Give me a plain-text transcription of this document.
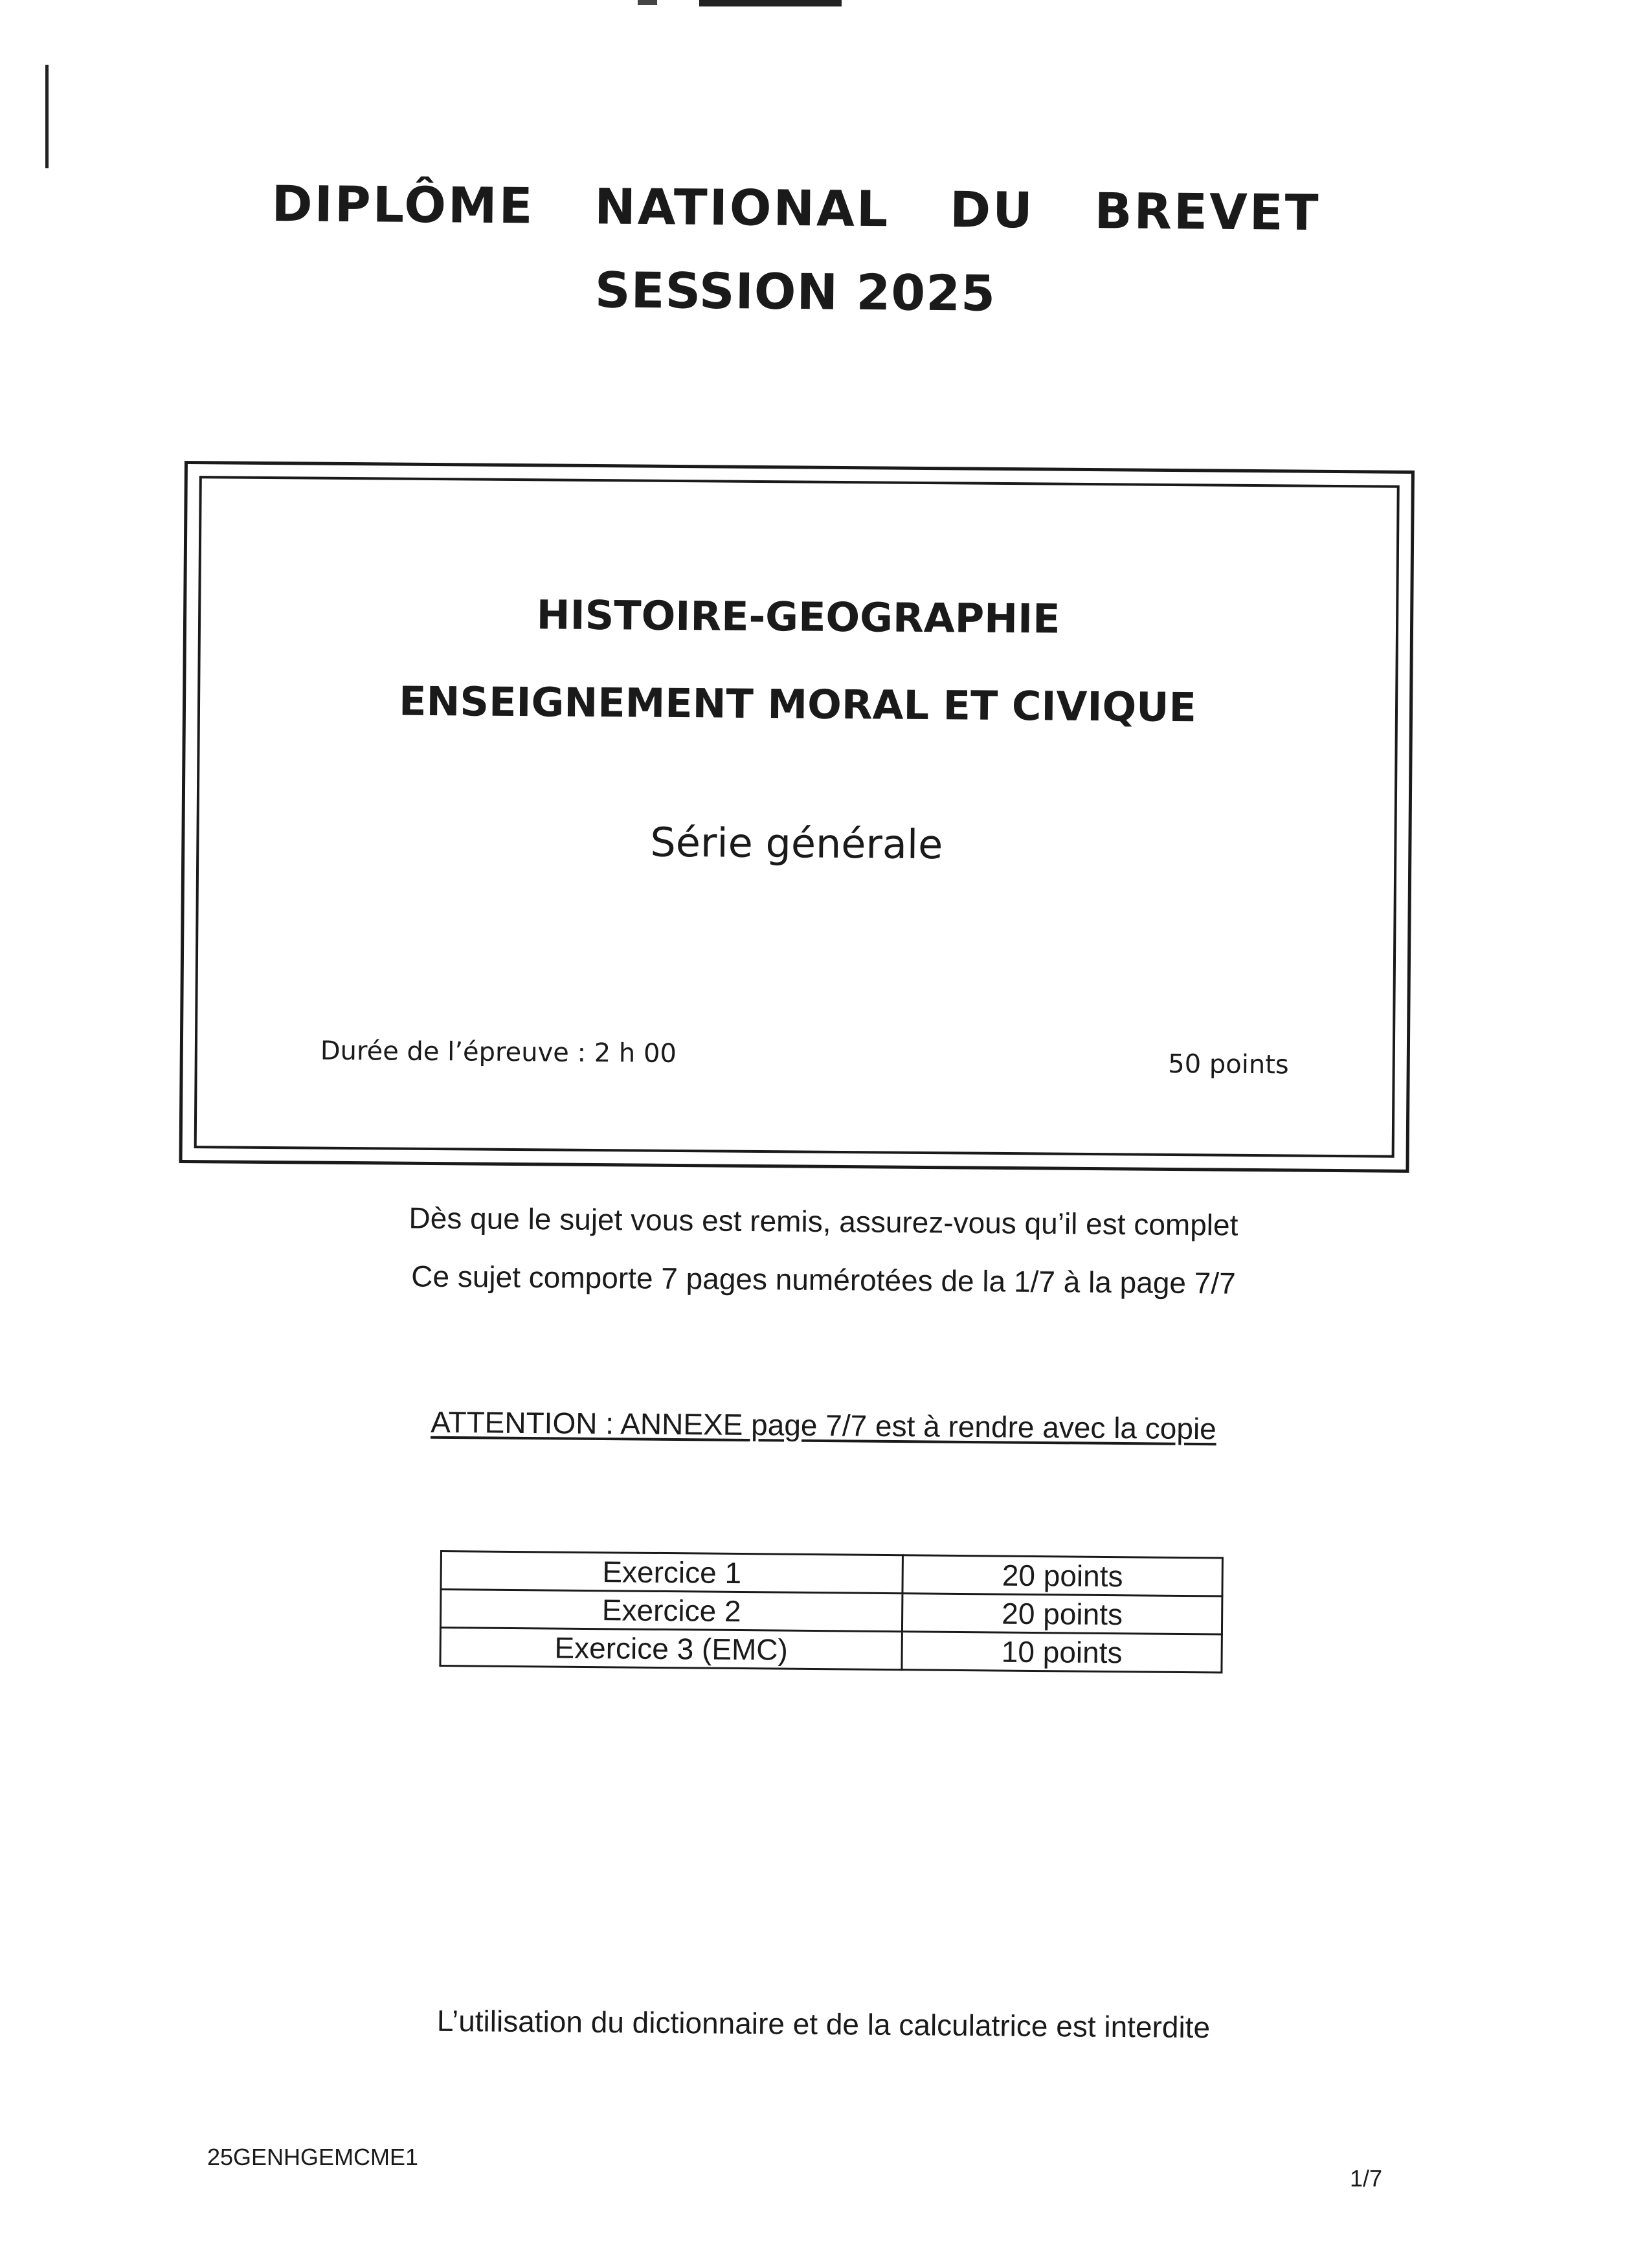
DIPLÔME NATIONAL DU BREVET
SESSION 2025
HISTOIRE-GEOGRAPHIE
ENSEIGNEMENT MORAL ET CIVIQUE
Série générale
Durée de l’épreuve : 2 h 00	50 points
Dès que le sujet vous est remis, assurez-vous qu’il est complet
Ce sujet comporte 7 pages numérotées de la 1/7 à la page 7/7
ATTENTION : ANNEXE page 7/7 est à rendre avec la copie
Exercice 1	20 points
Exercice 2	20 points
Exercice 3 (EMC)	10 points
L’utilisation du dictionnaire et de la calculatrice est interdite
25GENHGEMCME1
1/7
